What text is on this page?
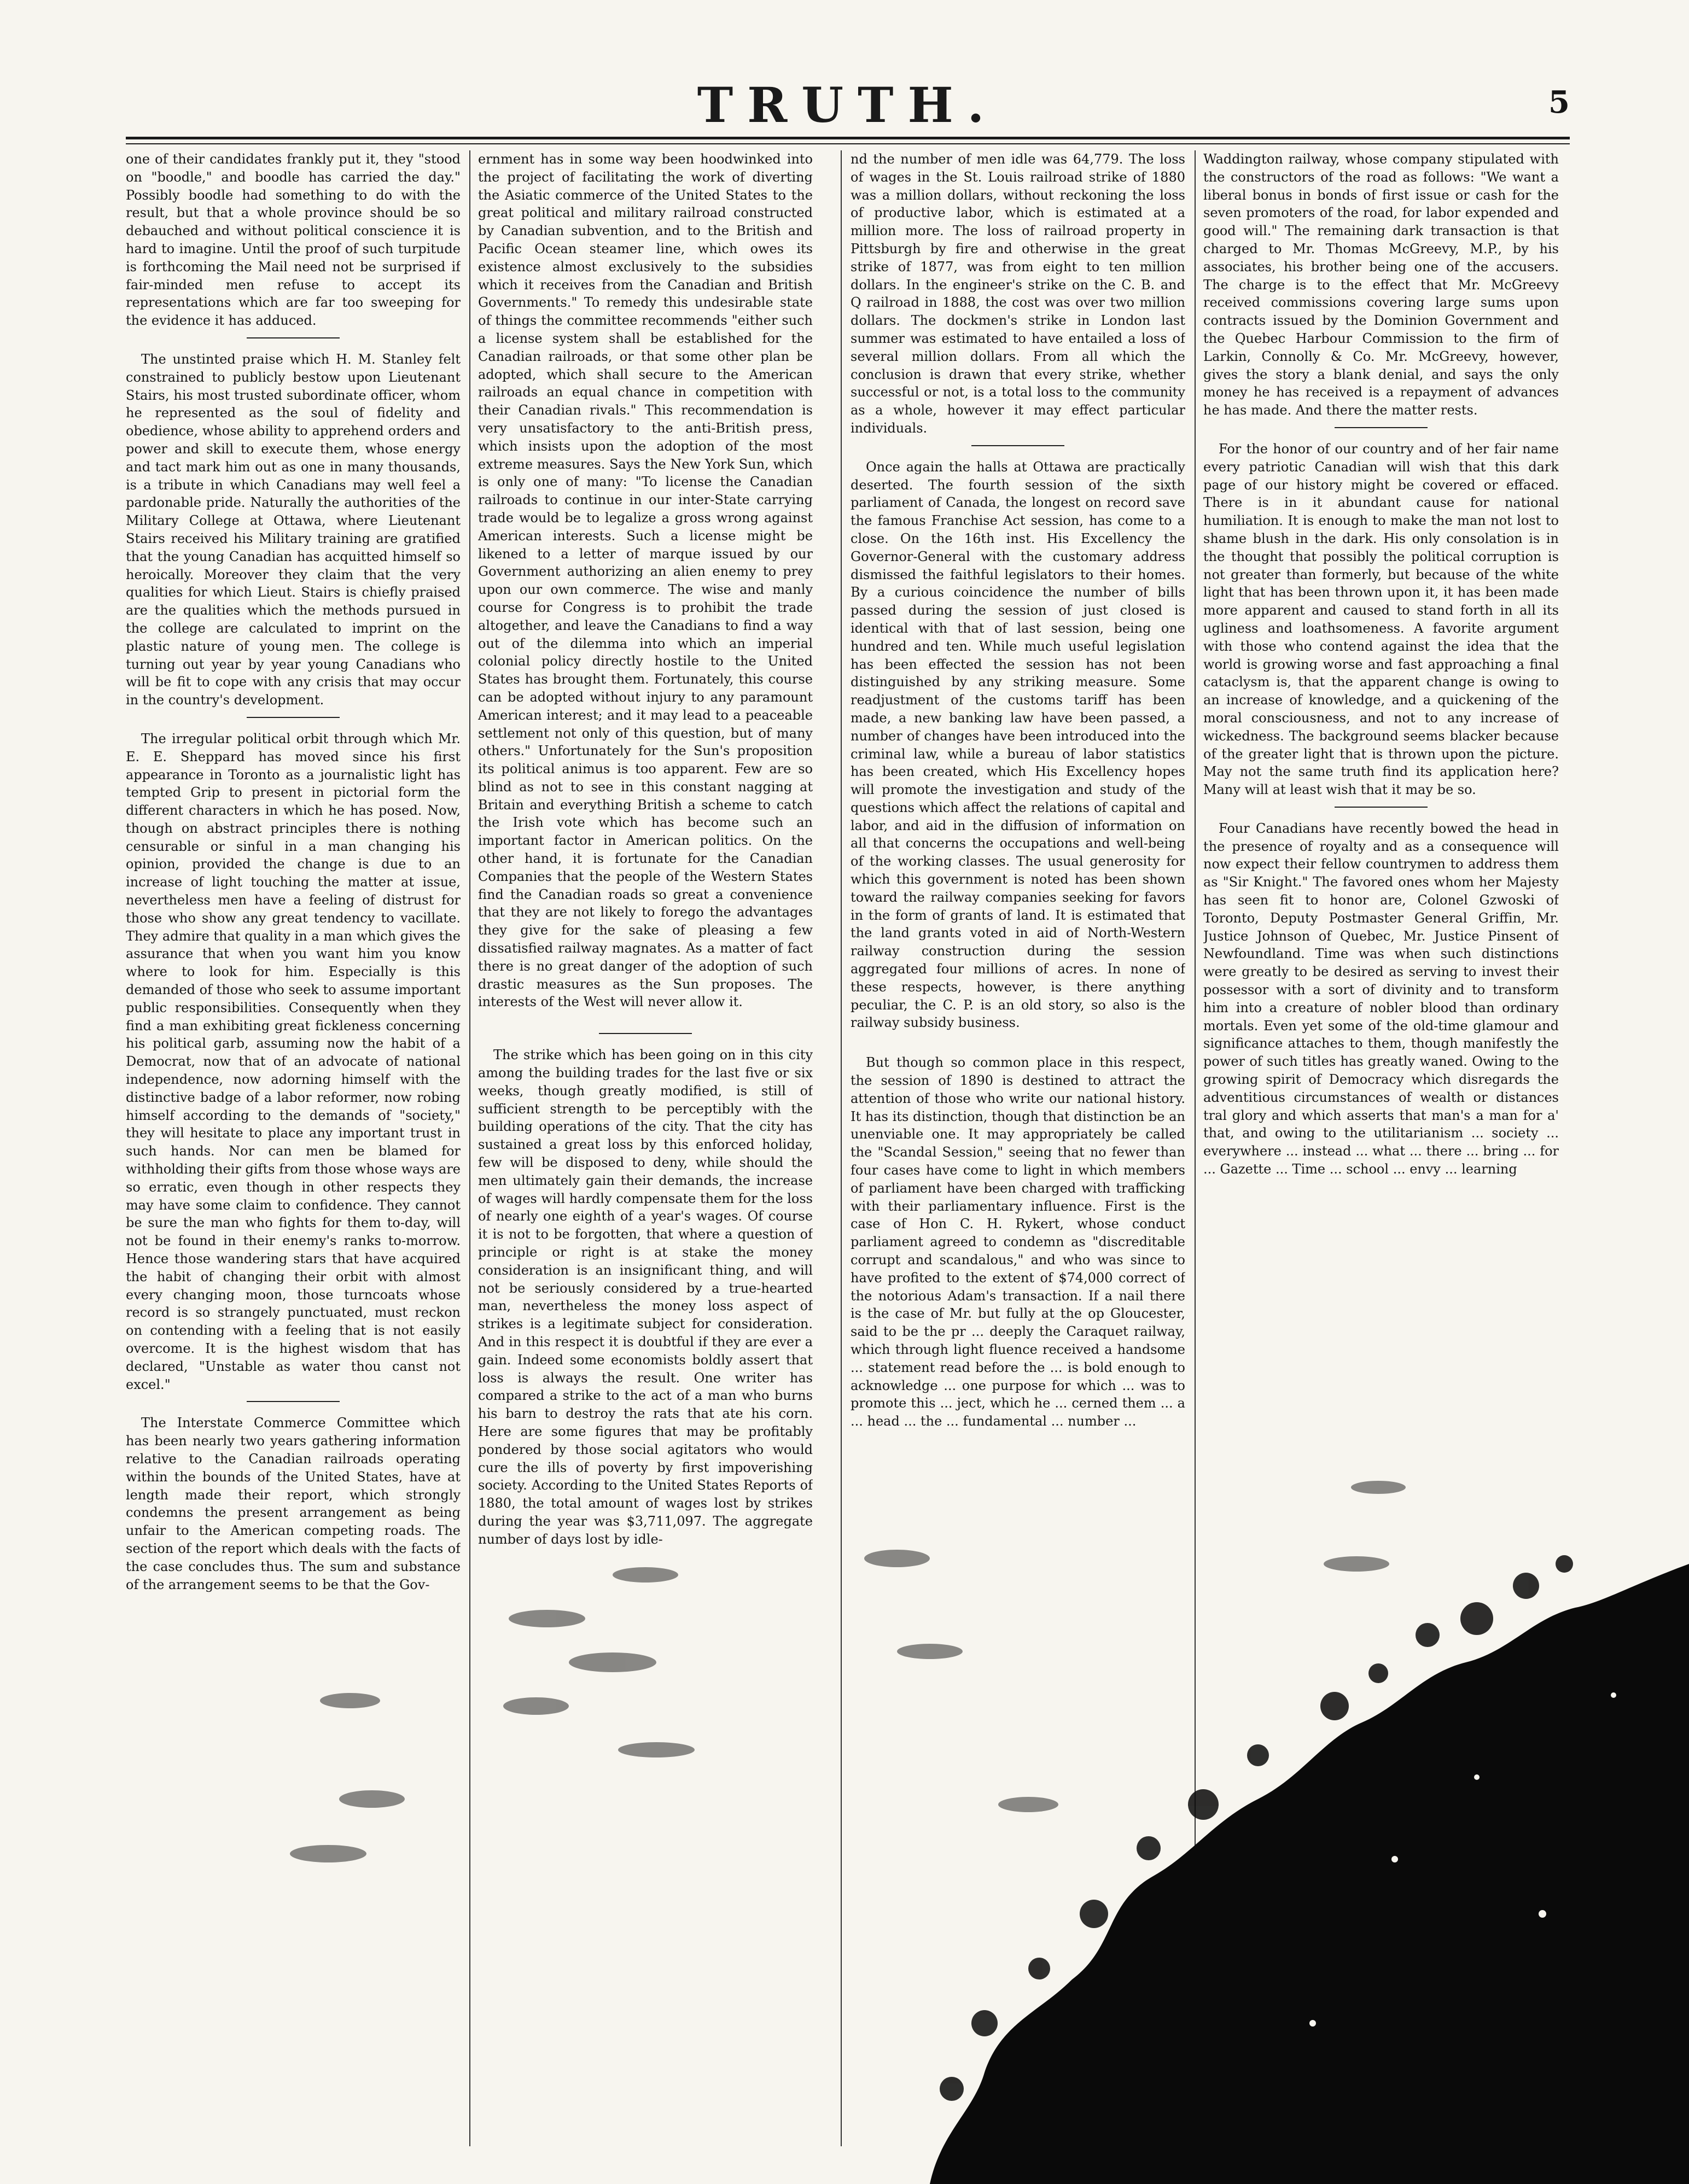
TRUTH.	5

one of their candidates frankly put it, they "stood on "boodle," and boodle has carried the day." Possibly boodle had something to do with the result, but that a whole province should be so debauched and without political conscience it is hard to imagine. Until the proof of such turpitude is forthcoming the Mail need not be surprised if fair-minded men refuse to accept its representations which are far too sweeping for the evidence it has adduced.

The unstinted praise which H. M. Stanley felt constrained to publicly bestow upon Lieutenant Stairs, his most trusted subordinate officer, whom he represented as the soul of fidelity and obedience, whose ability to apprehend orders and power and skill to execute them, whose energy and tact mark him out as one in many thousands, is a tribute in which Canadians may well feel a pardonable pride. Naturally the authorities of the Military College at Ottawa, where Lieutenant Stairs received his Military training are gratified that the young Canadian has acquitted himself so heroically. Moreover they claim that the very qualities for which Lieut. Stairs is chiefly praised are the qualities which the methods pursued in the college are calculated to imprint on the plastic nature of young men. The college is turning out year by year young Canadians who will be fit to cope with any crisis that may occur in the country's development.

The irregular political orbit through which Mr. E. E. Sheppard has moved since his first appearance in Toronto as a journalistic light has tempted Grip to present in pictorial form the different characters in which he has posed. Now, though on abstract principles there is nothing censurable or sinful in a man changing his opinion, provided the change is due to an increase of light touching the matter at issue, nevertheless men have a feeling of distrust for those who show any great tendency to vacillate. They admire that quality in a man which gives the assurance that when you want him you know where to look for him. Especially is this demanded of those who seek to assume important public responsibilities. Consequently when they find a man exhibiting great fickleness concerning his political garb, assuming now the habit of a Democrat, now that of an advocate of national independence, now adorning himself with the distinctive badge of a labor reformer, now robing himself according to the demands of "society," they will hesitate to place any important trust in such hands. Nor can men be blamed for withholding their gifts from those whose ways are so erratic, even though in other respects they may have some claim to confidence. They cannot be sure the man who fights for them to-day, will not be found in their enemy's ranks to-morrow. Hence those wandering stars that have acquired the habit of changing their orbit with almost every changing moon, those turncoats whose record is so strangely punctuated, must reckon on contending with a feeling that is not easily overcome. It is the highest wisdom that has declared, "Unstable as water thou canst not excel."

The Interstate Commerce Committee which has been nearly two years gathering information relative to the Canadian railroads operating within the bounds of the United States, have at length made their report, which strongly condemns the present arrangement as being unfair to the American competing roads. The section of the report which deals with the facts of the case concludes thus. The sum and substance of the arrangement seems to be that the Gov-

ernment has in some way been hoodwinked into the project of facilitating the work of diverting the Asiatic commerce of the United States to the great political and military railroad constructed by Canadian subvention, and to the British and Pacific Ocean steamer line, which owes its existence almost exclusively to the subsidies which it receives from the Canadian and British Governments." To remedy this undesirable state of things the committee recommends "either such a license system shall be established for the Canadian railroads, or that some other plan be adopted, which shall secure to the American railroads an equal chance in competition with their Canadian rivals." This recommendation is very unsatisfactory to the anti-British press, which insists upon the adoption of the most extreme measures. Says the New York Sun, which is only one of many: "To license the Canadian railroads to continue in our inter-State carrying trade would be to legalize a gross wrong against American interests. Such a license might be likened to a letter of marque issued by our Government authorizing an alien enemy to prey upon our own commerce. The wise and manly course for Congress is to prohibit the trade altogether, and leave the Canadians to find a way out of the dilemma into which an imperial colonial policy directly hostile to the United States has brought them. Fortunately, this course can be adopted without injury to any paramount American interest; and it may lead to a peaceable settlement not only of this question, but of many others." Unfortunately for the Sun's proposition its political animus is too apparent. Few are so blind as not to see in this constant nagging at Britain and everything British a scheme to catch the Irish vote which has become such an important factor in American politics. On the other hand, it is fortunate for the Canadian Companies that the people of the Western States find the Canadian roads so great a convenience that they are not likely to forego the advantages they give for the sake of pleasing a few dissatisfied railway magnates. As a matter of fact there is no great danger of the adoption of such drastic measures as the Sun proposes. The interests of the West will never allow it.

The strike which has been going on in this city among the building trades for the last five or six weeks, though greatly modified, is still of sufficient strength to be perceptibly with the building operations of the city. That the city has sustained a great loss by this enforced holiday, few will be disposed to deny, while should the men ultimately gain their demands, the increase of wages will hardly compensate them for the loss of nearly one eighth of a year's wages. Of course it is not to be forgotten, that where a question of principle or right is at stake the money consideration is an insignificant thing, and will not be seriously considered by a true-hearted man, nevertheless the money loss aspect of strikes is a legitimate subject for consideration. And in this respect it is doubtful if they are ever a gain. Indeed some economists boldly assert that loss is always the result. One writer has compared a strike to the act of a man who burns his barn to destroy the rats that ate his corn. Here are some figures that may be profitably pondered by those social agitators who would cure the ills of poverty by first impoverishing society. According to the United States Reports of 1880, the total amount of wages lost by strikes during the year was $3,711,097. The aggregate number of days lost by idle-

nd the number of men idle was 64,779. The loss of wages in the St. Louis railroad strike of 1880 was a million dollars, without reckoning the loss of productive labor, which is estimated at a million more. The loss of railroad property in Pittsburgh by fire and otherwise in the great strike of 1877, was from eight to ten million dollars. In the engineer's strike on the C. B. and Q railroad in 1888, the cost was over two million dollars. The dockmen's strike in London last summer was estimated to have entailed a loss of several million dollars. From all which the conclusion is drawn that every strike, whether successful or not, is a total loss to the community as a whole, however it may effect particular individuals.

Once again the halls at Ottawa are practically deserted. The fourth session of the sixth parliament of Canada, the longest on record save the famous Franchise Act session, has come to a close. On the 16th inst. His Excellency the Governor-General with the customary address dismissed the faithful legislators to their homes. By a curious coincidence the number of bills passed during the session of just closed is identical with that of last session, being one hundred and ten. While much useful legislation has been effected the session has not been distinguished by any striking measure. Some readjustment of the customs tariff has been made, a new banking law have been passed, a number of changes have been introduced into the criminal law, while a bureau of labor statistics has been created, which His Excellency hopes will promote the investigation and study of the questions which affect the relations of capital and labor, and aid in the diffusion of information on all that concerns the occupations and well-being of the working classes. The usual generosity for which this government is noted has been shown toward the railway companies seeking for favors in the form of grants of land. It is estimated that the land grants voted in aid of North-Western railway construction during the session aggregated four millions of acres. In none of these respects, however, is there anything peculiar, the C. P. is an old story, so also is the railway subsidy business.

But though so common place in this respect, the session of 1890 is destined to attract the attention of those who write our national history. It has its distinction, though that distinction be an unenviable one. It may appropriately be called the "Scandal Session," seeing that no fewer than four cases have come to light in which members of parliament have been charged with trafficking with their parliamentary influence. First is the case of Hon C. H. Rykert, whose conduct parliament agreed to condemn as "discreditable corrupt and scandalous," and who was since to have profited to the extent of $74,000 correct of the notorious Adam's transaction. If a nail there is the case of Mr. but fully at the op Gloucester, said to be the pr ... deeply the Caraquet railway, which through light fluence received a handsome ... statement read before the ... is bold enough to acknowledge ... one purpose for which ... was to promote this ... ject, which he ... cerned them ... a ... head ... the ... fundamental ... number ...

Waddington railway, whose company stipulated with the constructors of the road as follows: "We want a liberal bonus in bonds of first issue or cash for the seven promoters of the road, for labor expended and good will." The remaining dark transaction is that charged to Mr. Thomas McGreevy, M.P., by his associates, his brother being one of the accusers. The charge is to the effect that Mr. McGreevy received commissions covering large sums upon contracts issued by the Dominion Government and the Quebec Harbour Commission to the firm of Larkin, Connolly & Co. Mr. McGreevy, however, gives the story a blank denial, and says the only money he has received is a repayment of advances he has made. And there the matter rests.

For the honor of our country and of her fair name every patriotic Canadian will wish that this dark page of our history might be covered or effaced. There is in it abundant cause for national humiliation. It is enough to make the man not lost to shame blush in the dark. His only consolation is in the thought that possibly the political corruption is not greater than formerly, but because of the white light that has been thrown upon it, it has been made more apparent and caused to stand forth in all its ugliness and loathsomeness. A favorite argument with those who contend against the idea that the world is growing worse and fast approaching a final cataclysm is, that the apparent change is owing to an increase of knowledge, and a quickening of the moral consciousness, and not to any increase of wickedness. The background seems blacker because of the greater light that is thrown upon the picture. May not the same truth find its application here? Many will at least wish that it may be so.

Four Canadians have recently bowed the head in the presence of royalty and as a consequence will now expect their fellow countrymen to address them as "Sir Knight." The favored ones whom her Majesty has seen fit to honor are, Colonel Gzwoski of Toronto, Deputy Postmaster General Griffin, Mr. Justice Johnson of Quebec, Mr. Justice Pinsent of Newfoundland. Time was when such distinctions were greatly to be desired as serving to invest their possessor with a sort of divinity and to transform him into a creature of nobler blood than ordinary mortals. Even yet some of the old-time glamour and significance attaches to them, though manifestly the power of such titles has greatly waned. Owing to the growing spirit of Democracy which disregards the adventitious circumstances of wealth or distances tral glory and which asserts that man's a man for a' that, and owing to the utilitarianism ... society ... everywhere ... instead ... what ... there ... bring ... for ... Gazette ... Time ... school ... envy ... learning
